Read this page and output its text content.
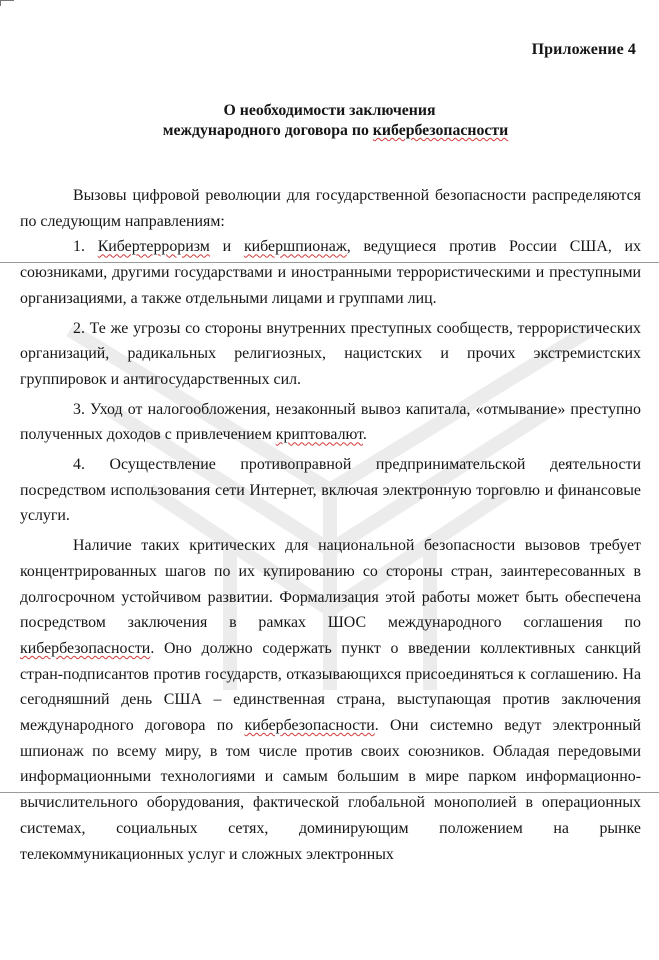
Приложение 4
О необходимости заключения
международного договора по кибербезопасности

Вызовы цифровой революции для государственной безопасности распределяются по следующим направлениям:

1. Кибертерроризм и кибершпионаж, ведущиеся против России США, их союзниками, другими государствами и иностранными террористическими и преступными организациями, а также отдельными лицами и группами лиц.

2. Те же угрозы со стороны внутренних преступных сообществ, террористических организаций, радикальных религиозных, нацистских и прочих экстремистских группировок и антигосударственных сил.

3. Уход от налогообложения, незаконный вывоз капитала, «отмывание» преступно полученных доходов с привлечением криптовалют.

4. Осуществление противоправной предпринимательской деятельности посредством использования сети Интернет, включая электронную торговлю и финансовые услуги.

Наличие таких критических для национальной безопасности вызовов требует концентрированных шагов по их купированию со стороны стран, заинтересованных в долгосрочном устойчивом развитии. Формализация этой работы может быть обеспечена посредством заключения в рамках ШОС международного соглашения по кибербезопасности. Оно должно содержать пункт о введении коллективных санкций стран-подписантов против государств, отказывающихся присоединяться к соглашению. На сегодняшний день США – единственная страна, выступающая против заключения международного договора по кибербезопасности. Они системно ведут электронный шпионаж по всему миру, в том числе против своих союзников. Обладая передовыми информационными технологиями и самым большим в мире парком информационно-вычислительного оборудования, фактической глобальной монополией в операционных системах, социальных сетях, доминирующим положением на рынке телекоммуникационных услуг и сложных электронных
